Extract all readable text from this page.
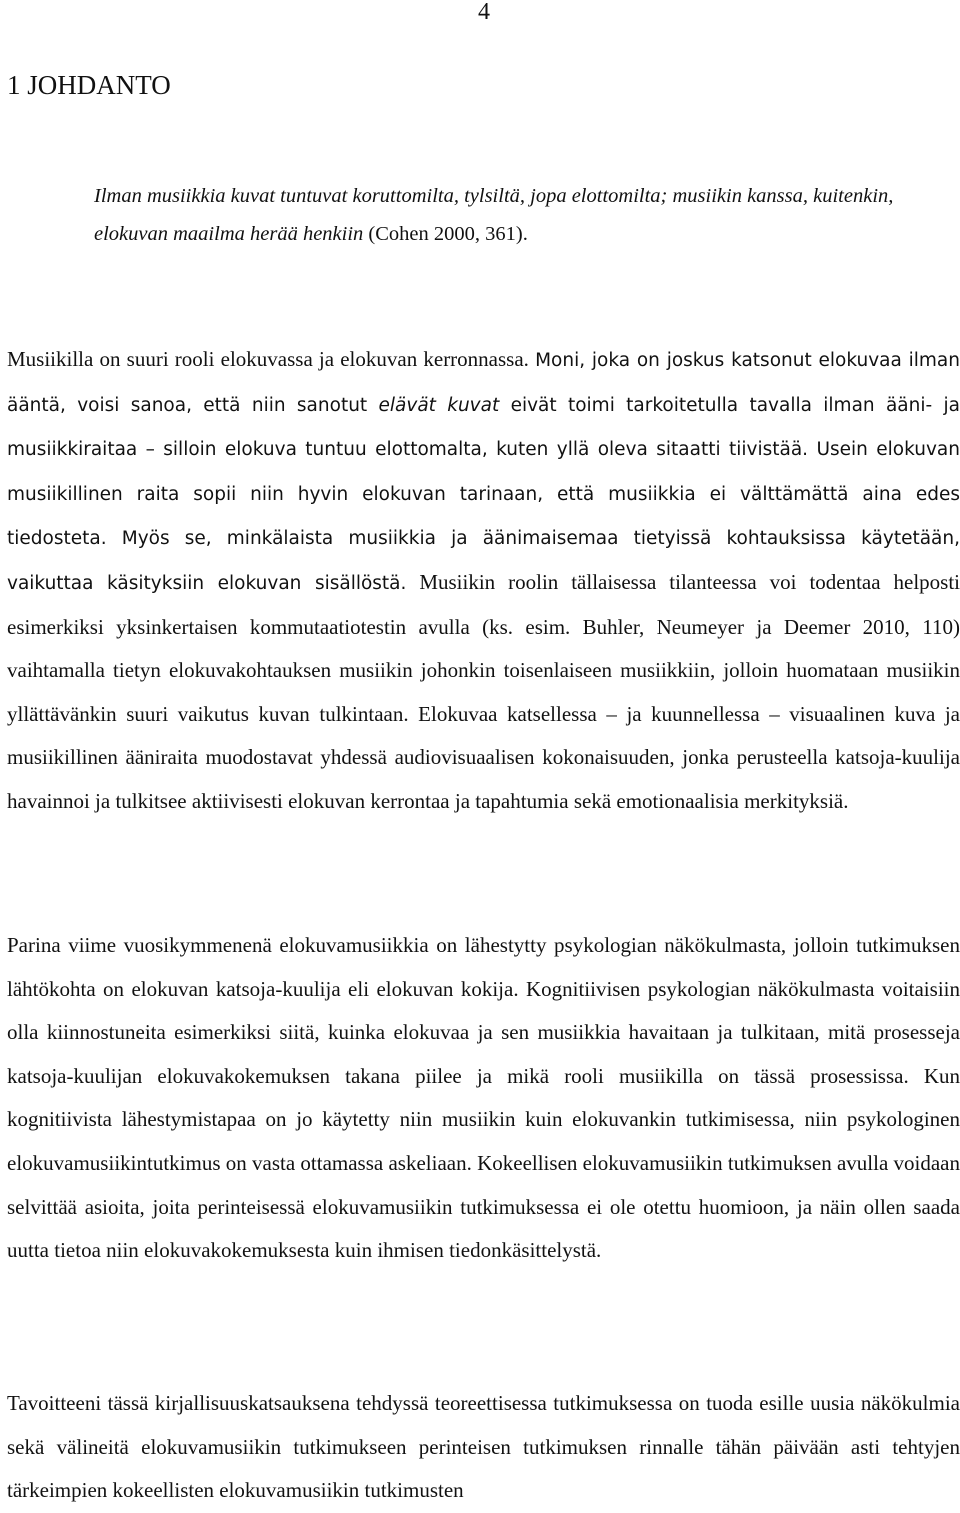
4
1 JOHDANTO

Ilman musiikkia kuvat tuntuvat koruttomilta, tylsiltä, jopa elottomilta; musiikin kanssa, kuitenkin, elokuvan maailma herää henkiin (Cohen 2000, 361).

Musiikilla on suuri rooli elokuvassa ja elokuvan kerronnassa. Moni, joka on joskus katsonut elokuvaa ilman ääntä, voisi sanoa, että niin sanotut elävät kuvat eivät toimi tarkoitetulla tavalla ilman ääni- ja musiikkiraitaa – silloin elokuva tuntuu elottomalta, kuten yllä oleva sitaatti tiivistää. Usein elokuvan musiikillinen raita sopii niin hyvin elokuvan tarinaan, että musiikkia ei välttämättä aina edes tiedosteta. Myös se, minkälaista musiikkia ja äänimaisemaa tietyissä kohtauksissa käytetään, vaikuttaa käsityksiin elokuvan sisällöstä. Musiikin roolin tällaisessa tilanteessa voi todentaa helposti esimerkiksi yksinkertaisen kommutaatiotestin avulla (ks. esim. Buhler, Neumeyer ja Deemer 2010, 110) vaihtamalla tietyn elokuvakohtauksen musiikin johonkin toisenlaiseen musiikkiin, jolloin huomataan musiikin yllättävänkin suuri vaikutus kuvan tulkintaan. Elokuvaa katsellessa – ja kuunnellessa – visuaalinen kuva ja musiikillinen ääniraita muodostavat yhdessä audiovisuaalisen kokonaisuuden, jonka perusteella katsoja-kuulija havainnoi ja tulkitsee aktiivisesti elokuvan kerrontaa ja tapahtumia sekä emotionaalisia merkityksiä.

Parina viime vuosikymmenenä elokuvamusiikkia on lähestytty psykologian näkökulmasta, jolloin tutkimuksen lähtökohta on elokuvan katsoja-kuulija eli elokuvan kokija. Kognitiivisen psykologian näkökulmasta voitaisiin olla kiinnostuneita esimerkiksi siitä, kuinka elokuvaa ja sen musiikkia havaitaan ja tulkitaan, mitä prosesseja katsoja-kuulijan elokuvakokemuksen takana piilee ja mikä rooli musiikilla on tässä prosessissa. Kun kognitiivista lähestymistapaa on jo käytetty niin musiikin kuin elokuvankin tutkimisessa, niin psykologinen elokuvamusiikintutkimus on vasta ottamassa askeliaan. Kokeellisen elokuvamusiikin tutkimuksen avulla voidaan selvittää asioita, joita perinteisessä elokuvamusiikin tutkimuksessa ei ole otettu huomioon, ja näin ollen saada uutta tietoa niin elokuvakokemuksesta kuin ihmisen tiedonkäsittelystä.

Tavoitteeni tässä kirjallisuuskatsauksena tehdyssä teoreettisessa tutkimuksessa on tuoda esille uusia näkökulmia sekä välineitä elokuvamusiikin tutkimukseen perinteisen tutkimuksen rinnalle tähän päivään asti tehtyjen tärkeimpien kokeellisten elokuvamusiikin tutkimusten
